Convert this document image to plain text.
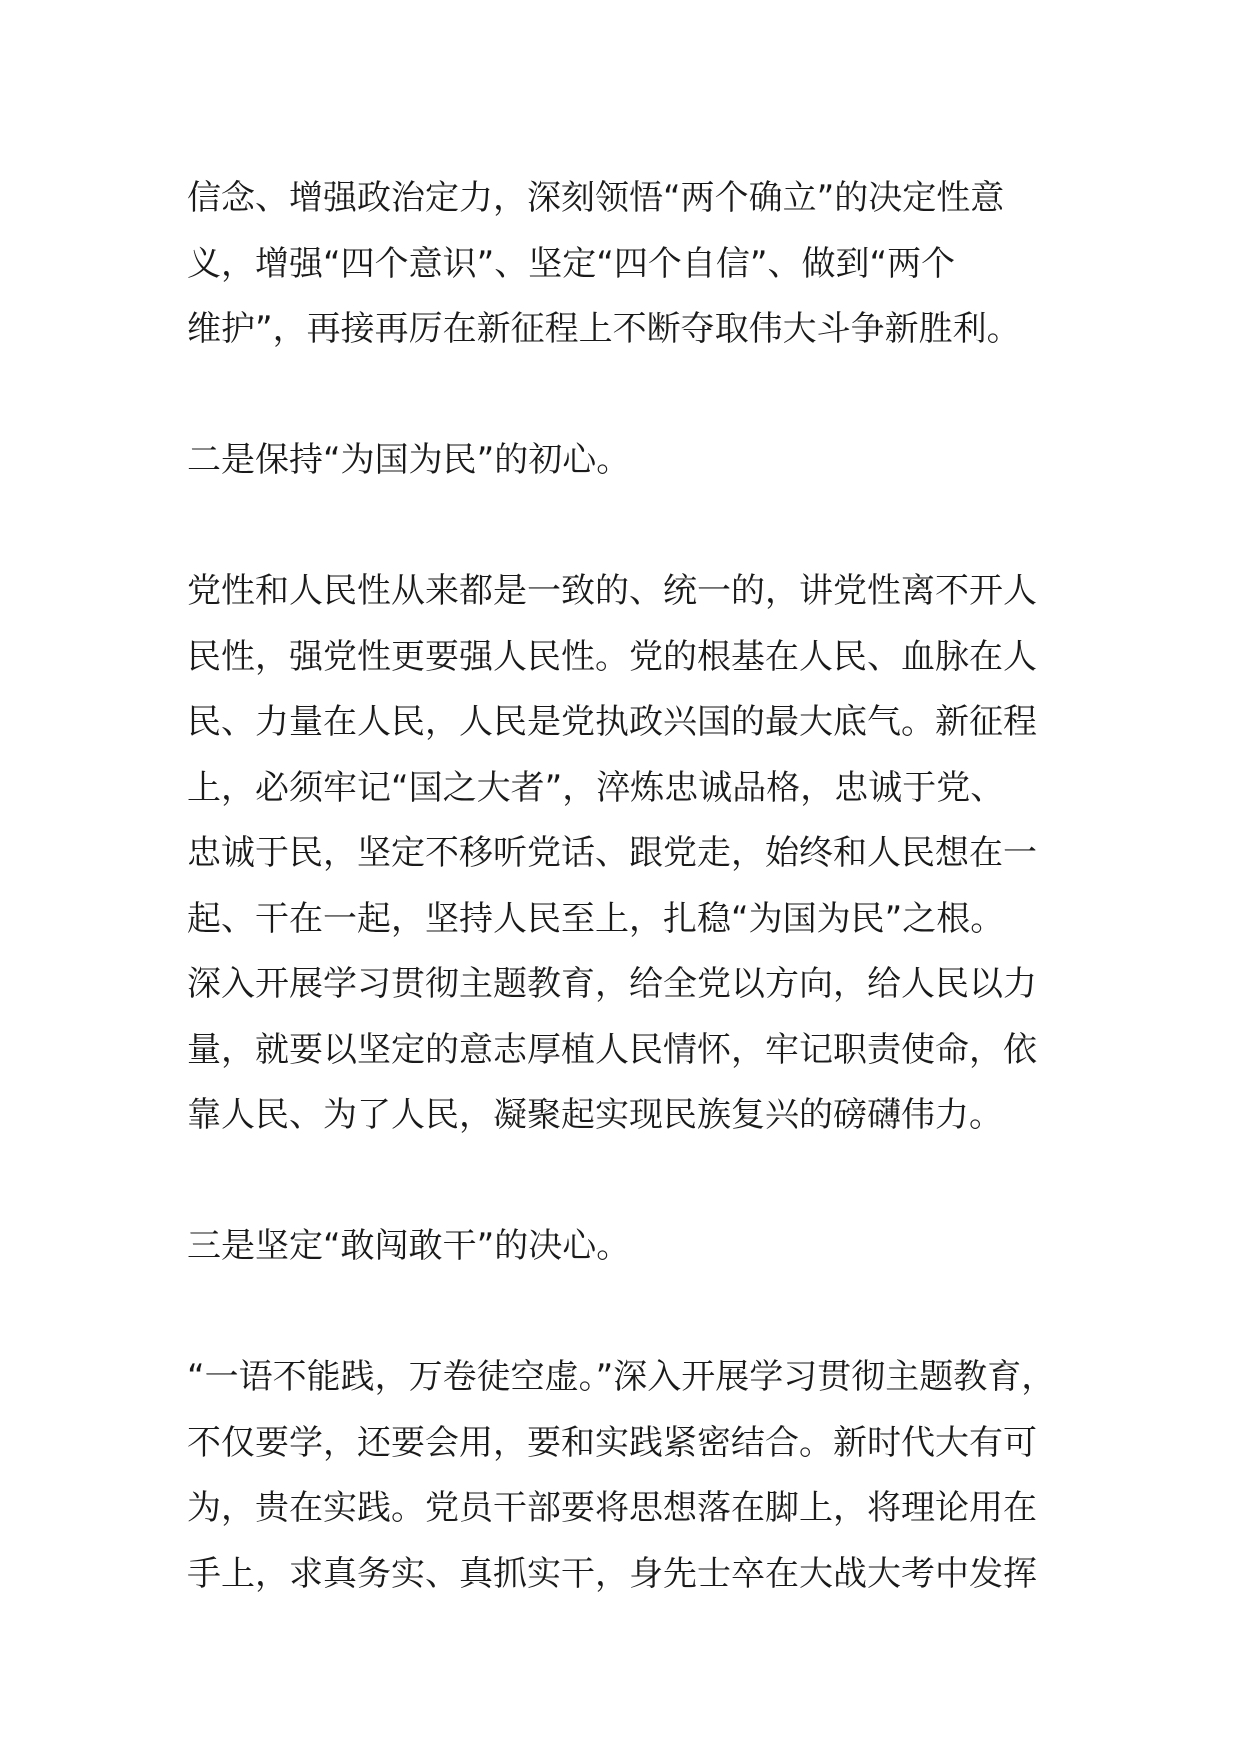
信念、增强政治定力，深刻领悟“两个确立”的决定性意
义，增强“四个意识”、坚定“四个自信”、做到“两个
维护”，再接再厉在新征程上不断夺取伟大斗争新胜利。

二是保持“为国为民”的初心。

党性和人民性从来都是一致的、统一的，讲党性离不开人
民性，强党性更要强人民性。党的根基在人民、血脉在人
民、力量在人民，人民是党执政兴国的最大底气。新征程
上，必须牢记“国之大者”，淬炼忠诚品格，忠诚于党、
忠诚于民，坚定不移听党话、跟党走，始终和人民想在一
起、干在一起，坚持人民至上，扎稳“为国为民”之根。
深入开展学习贯彻主题教育，给全党以方向，给人民以力
量，就要以坚定的意志厚植人民情怀，牢记职责使命，依
靠人民、为了人民，凝聚起实现民族复兴的磅礴伟力。

三是坚定“敢闯敢干”的决心。

“一语不能践，万卷徒空虚。”深入开展学习贯彻主题教育，
不仅要学，还要会用，要和实践紧密结合。新时代大有可
为，贵在实践。党员干部要将思想落在脚上，将理论用在
手上，求真务实、真抓实干，身先士卒在大战大考中发挥
